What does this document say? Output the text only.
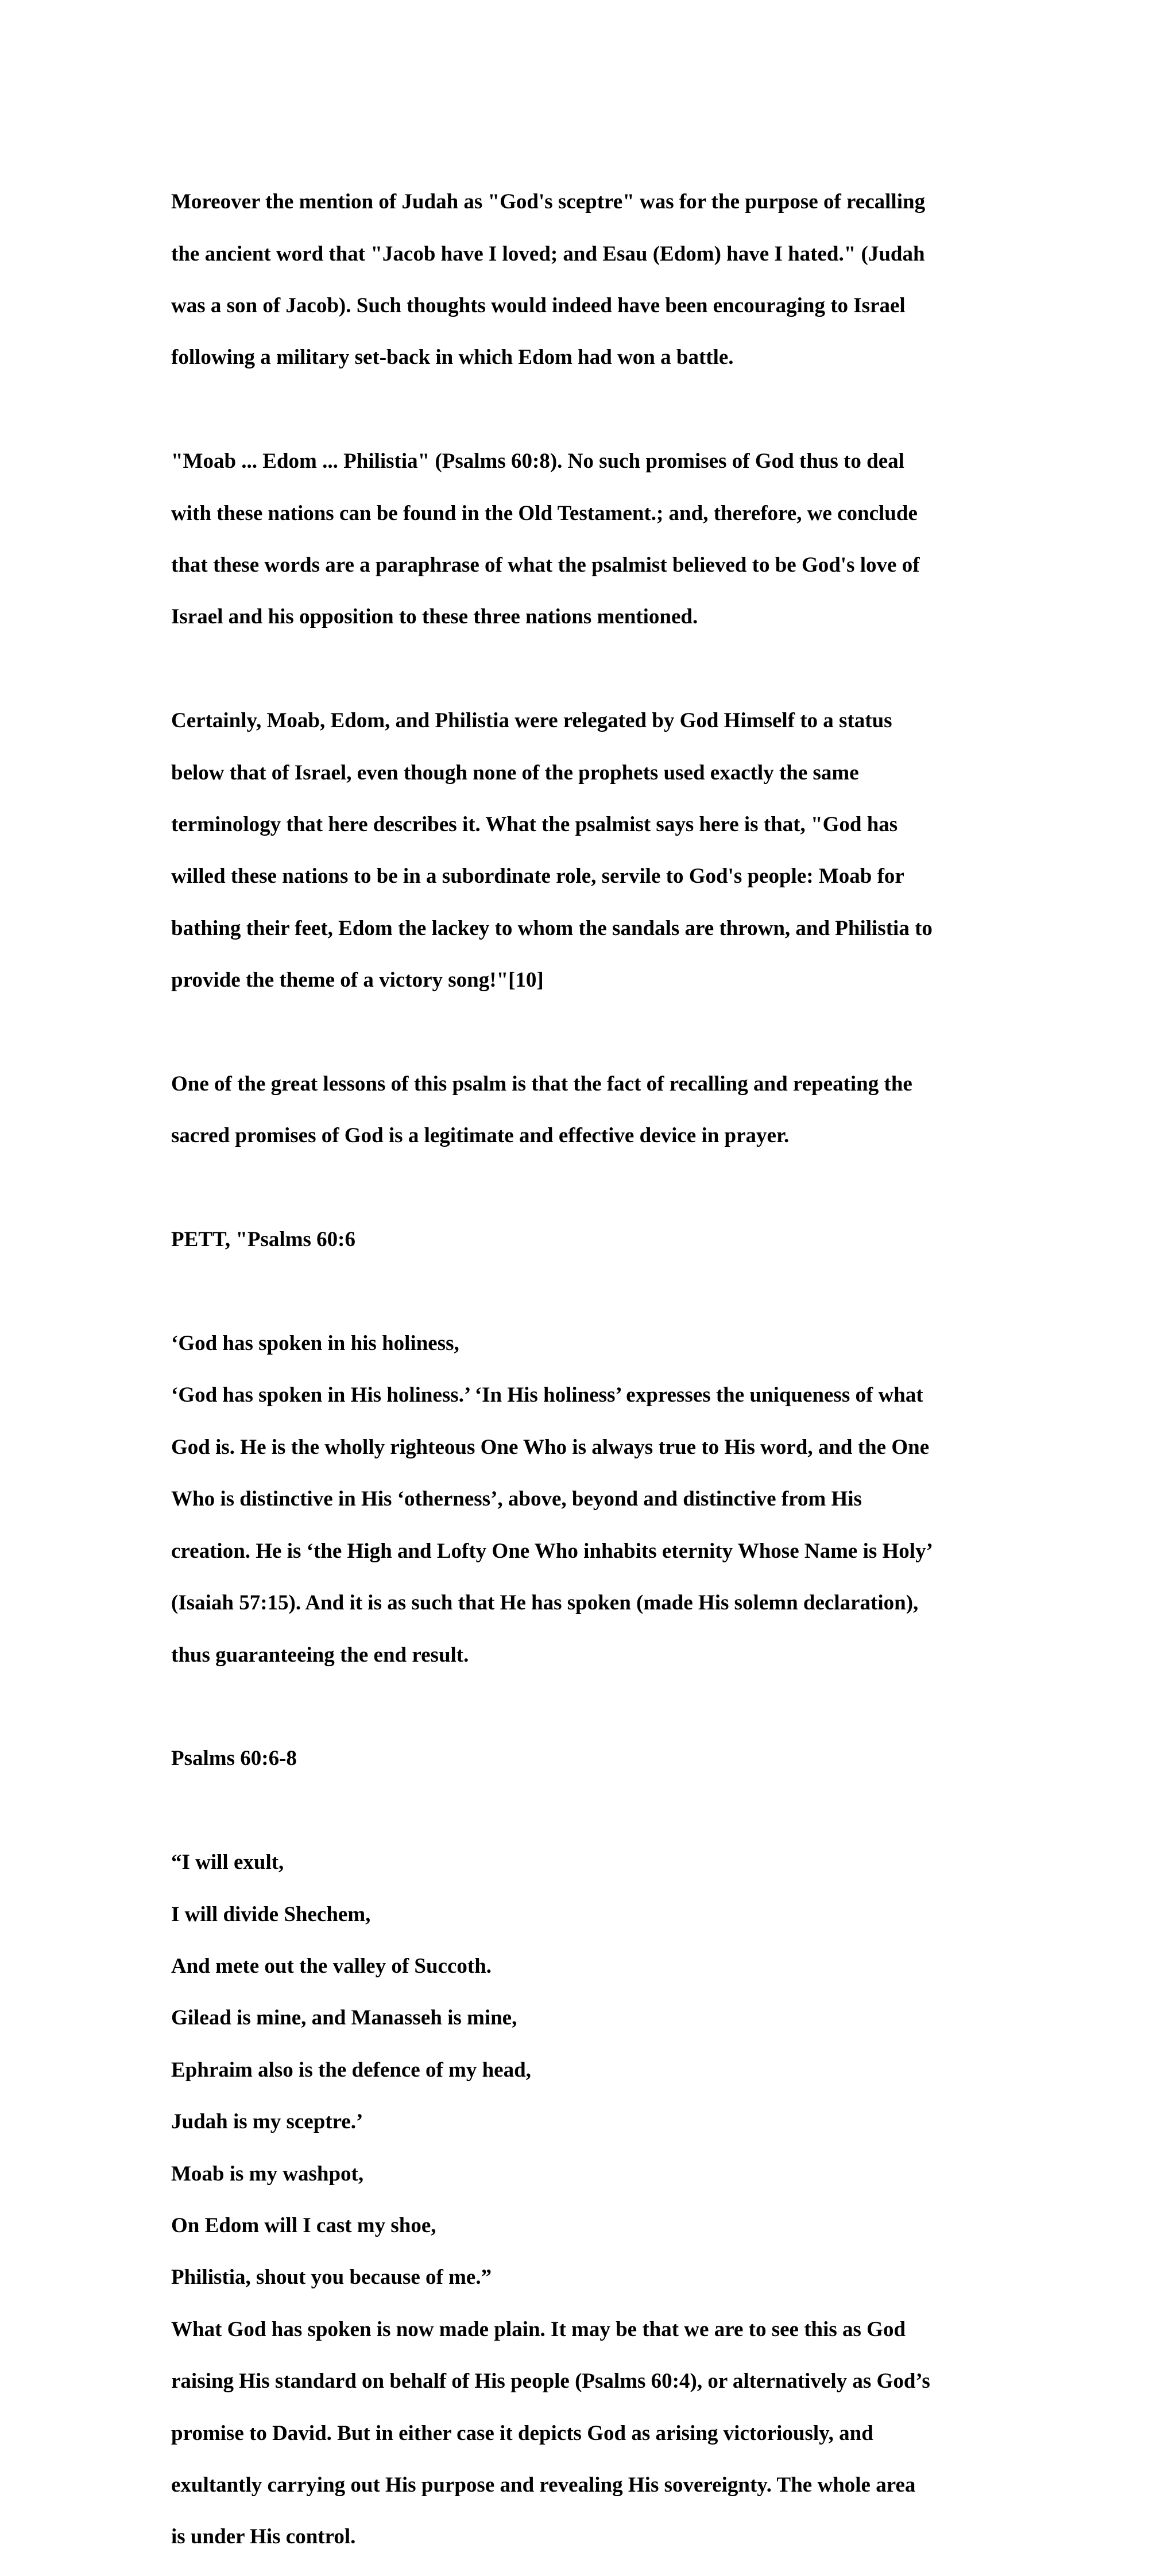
Moreover the mention of Judah as "God's sceptre" was for the purpose of recalling

the ancient word that "Jacob have I loved; and Esau (Edom) have I hated." (Judah

was a son of Jacob). Such thoughts would indeed have been encouraging to Israel

following a military set-back in which Edom had won a battle.

"Moab ... Edom ... Philistia" (Psalms 60:8). No such promises of God thus to deal

with these nations can be found in the Old Testament.; and, therefore, we conclude

that these words are a paraphrase of what the psalmist believed to be God's love of

Israel and his opposition to these three nations mentioned.

Certainly, Moab, Edom, and Philistia were relegated by God Himself to a status

below that of Israel, even though none of the prophets used exactly the same

terminology that here describes it. What the psalmist says here is that, "God has

willed these nations to be in a subordinate role, servile to God's people: Moab for

bathing their feet, Edom the lackey to whom the sandals are thrown, and Philistia to

provide the theme of a victory song!"[10]

One of the great lessons of this psalm is that the fact of recalling and repeating the

sacred promises of God is a legitimate and effective device in prayer.

PETT, "Psalms 60:6

‘God has spoken in his holiness,

‘God has spoken in His holiness.’ ‘In His holiness’ expresses the uniqueness of what

God is. He is the wholly righteous One Who is always true to His word, and the One

Who is distinctive in His ‘otherness’, above, beyond and distinctive from His

creation. He is ‘the High and Lofty One Who inhabits eternity Whose Name is Holy’

(Isaiah 57:15). And it is as such that He has spoken (made His solemn declaration),

thus guaranteeing the end result.

Psalms 60:6-8

“I will exult,

I will divide Shechem,

And mete out the valley of Succoth.

Gilead is mine, and Manasseh is mine,

Ephraim also is the defence of my head,

Judah is my sceptre.’

Moab is my washpot,

On Edom will I cast my shoe,

Philistia, shout you because of me.”

What God has spoken is now made plain. It may be that we are to see this as God

raising His standard on behalf of His people (Psalms 60:4), or alternatively as God’s

promise to David. But in either case it depicts God as arising victoriously, and

exultantly carrying out His purpose and revealing His sovereignty. The whole area

is under His control.
